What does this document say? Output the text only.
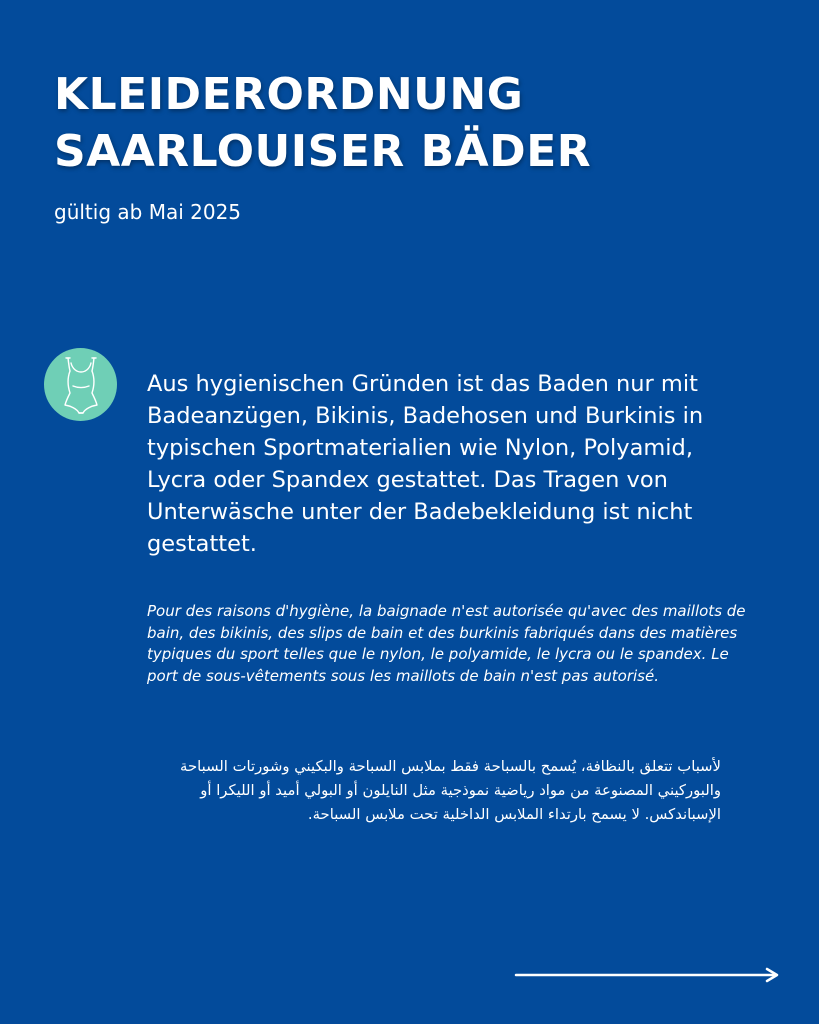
KLEIDERORDNUNG
SAARLOUISER BÄDER
gültig ab Mai 2025

Aus hygienischen Gründen ist das Baden nur mit Badeanzügen, Bikinis, Badehosen und Burkinis in typischen Sportmaterialien wie Nylon, Polyamid, Lycra oder Spandex gestattet. Das Tragen von Unterwäsche unter der Badebekleidung ist nicht gestattet.

Pour des raisons d'hygiène, la baignade n'est autorisée qu'avec des maillots de bain, des bikinis, des slips de bain et des burkinis fabriqués dans des matières typiques du sport telles que le nylon, le polyamide, le lycra ou le spandex. Le port de sous-vêtements sous les maillots de bain n'est pas autorisé.

لأسباب تتعلق بالنظافة، يُسمح بالسباحة فقط بملابس السباحة والبكيني وشورتات السباحة والبوركيني المصنوعة من مواد رياضية نموذجية مثل النايلون أو البولي أميد أو الليكرا أو الإسباندكس. لا يسمح بارتداء الملابس الداخلية تحت ملابس السباحة.
